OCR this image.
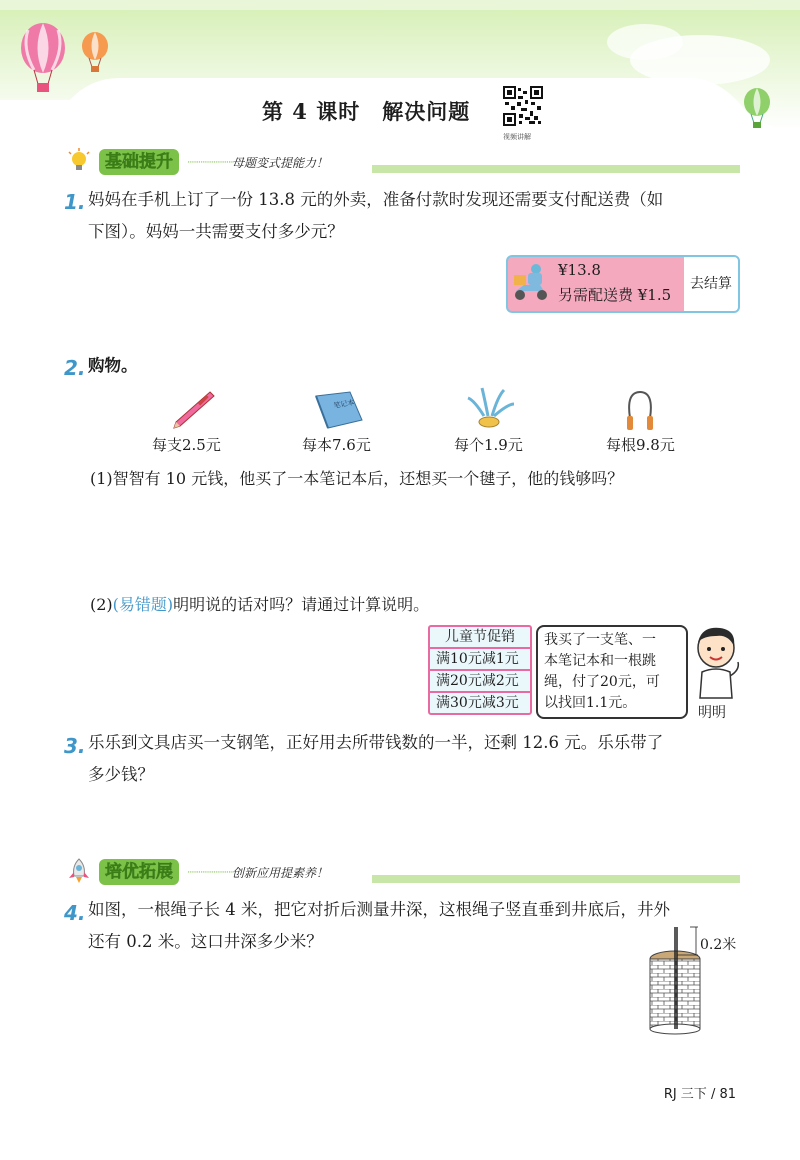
第 4 课时　解决问题
视频讲解
基础提升	·························
母题变式提能力！
1. 妈妈在手机上订了一份 13.8 元的外卖，准备付款时发现还需要支付配送费（如
下图）。妈妈一共需要支付多少元？
¥13.8
另需配送费 ¥1.5
去结算
2. 购物。
笔记本
每支2.5元	每本7.6元	每个1.9元	每根9.8元
(1)智智有 10 元钱，他买了一本笔记本后，还想买一个毽子，他的钱够吗？
(2)(易错题)明明说的话对吗？请通过计算说明。
儿童节促销
满10元减1元
满20元减2元
满30元减3元
我买了一支笔、一
本笔记本和一根跳
绳，付了20元，可
以找回1.1元。
明明
3. 乐乐到文具店买一支钢笔，正好用去所带钱数的一半，还剩 12.6 元。乐乐带了
多少钱？
培优拓展	·························
创新应用提素养！
4. 如图，一根绳子长 4 米，把它对折后测量井深，这根绳子竖直垂到井底后，井外
还有 0.2 米。这口井深多少米？	0.2米
RJ 三下 / 81
